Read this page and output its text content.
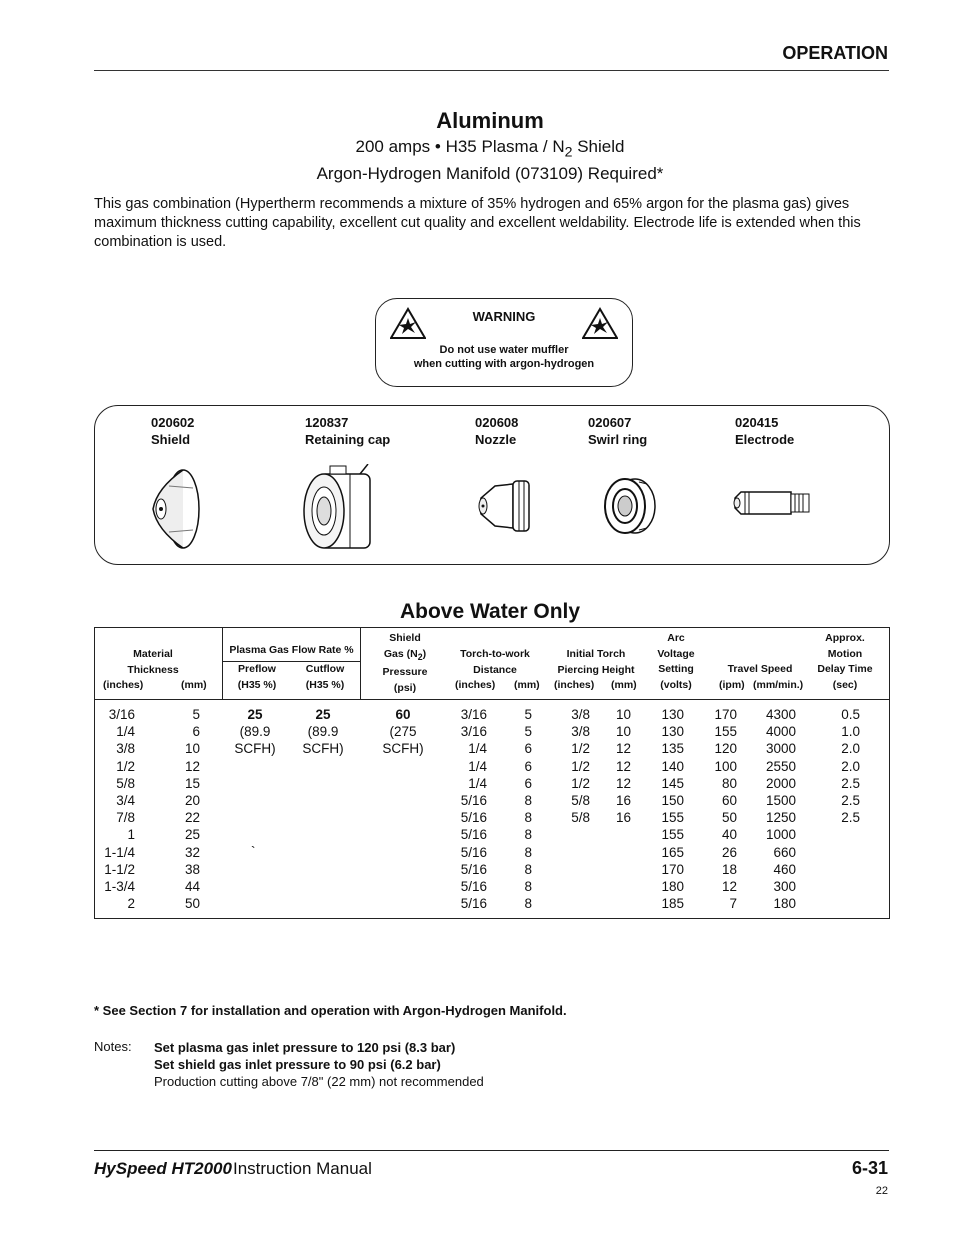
OPERATION
Aluminum
200 amps • H35 Plasma / $N_2$ Shield
Argon-Hydrogen Manifold (073109) Required*
This gas combination (Hypertherm recommends a mixture of 35% hydrogen and 65% argon for the plasma gas) gives maximum thickness cutting capability, excellent cut quality and excellent weldability. Electrode life is extended when this combination is used.
WARNING
Do not use water muffler
when cutting with argon-hydrogen
020602
Shield
120837
Retaining cap
020608
Nozzle
020607
Swirl ring
020415
Electrode
Above Water Only
Material
Thickness
(inches)	(mm)
Plasma Gas Flow Rate %
Preflow
(H35 %)
Cutflow
(H35 %)
Shield
Gas $(N_2)$
Pressure
(psi)
Torch-to-work
Distance
(inches) (mm)
Initial Torch
Piercing Height
(inches) (mm)
Arc
Voltage
Setting
(volts)
Travel Speed
(ipm) (mm/min.)
Approx.
Motion
Delay Time
(sec)
3/16
1/4
3/8
1/2
5/8
3/4
7/8
1
1-1/4
1-1/2
1-3/4
2
5
6
10
12
15
20
22
25
32
38
44
50
25
(89.9
SCFH)
25
(89.9
SCFH)
`
60
(275
SCFH)
3/16
3/16
1/4
1/4
1/4
5/16
5/16
5/16
5/16
5/16
5/16
5/16
5
5
6
6
6
8
8
8
8
8
8
8
3/8
3/8
1/2
1/2
1/2
5/8
5/8
10
10
12
12
12
16
16
130
130
135
140
145
150
155
155
165
170
180
185
170
155
120
100
80
60
50
40
26
18
12
7
4300
4000
3000
2550
2000
1500
1250
1000
660
460
300
180
0.5
1.0
2.0
2.0
2.5
2.5
2.5
* See Section 7 for installation and operation with Argon-Hydrogen Manifold.
Notes: Set plasma gas inlet pressure to 120 psi (8.3 bar)
Set shield gas inlet pressure to 90 psi (6.2 bar)
Production cutting above 7/8" (22 mm) not recommended
HySpeed HT2000 Instruction Manual	6-31
22
